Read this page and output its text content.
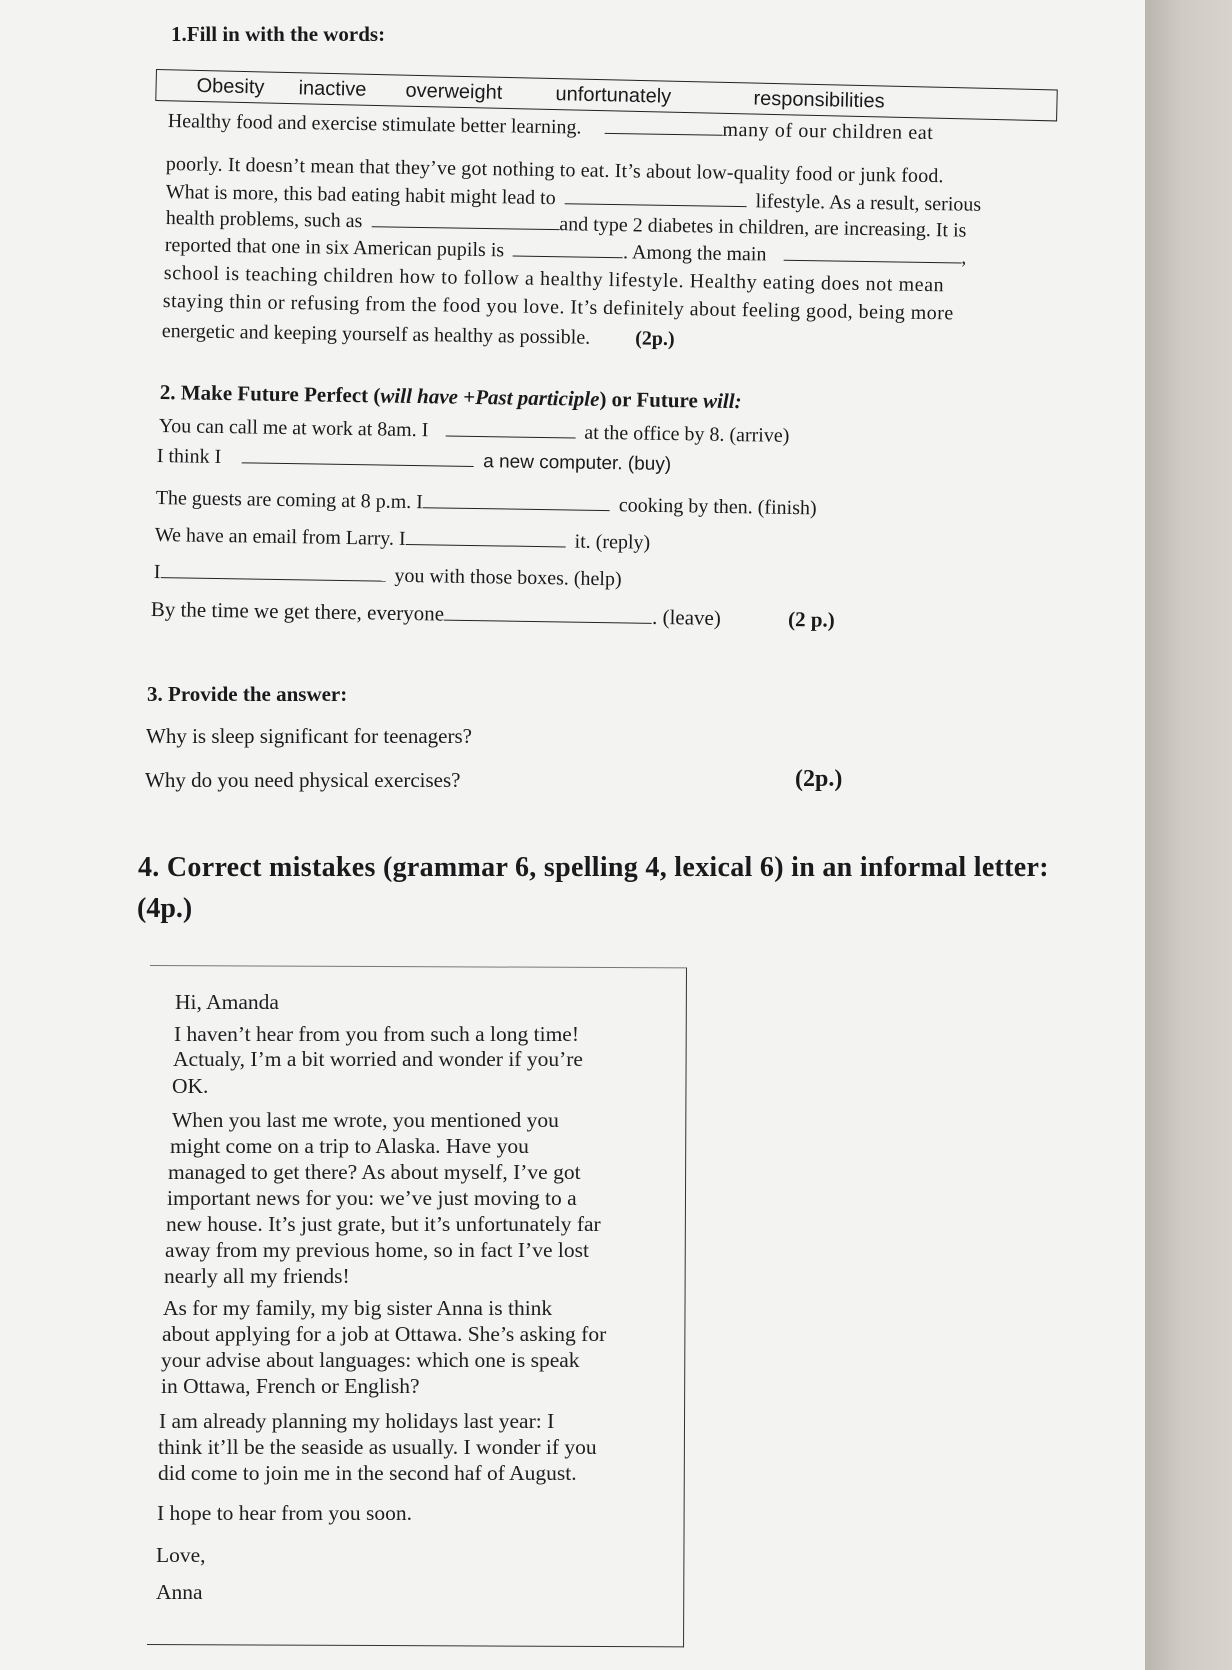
1.Fill in with the words:
Obesity inactive overweight	unfortunately	responsibilities
Healthy food and exercise stimulate better learning.	many of our children eat
poorly. It doesn’t mean that they’ve got nothing to eat. It’s about low-quality food or junk food.
What is more, this bad eating habit might lead to	lifestyle. As a result, serious
health problems, such as	and type 2 diabetes in children, are increasing. It is
reported that one in six American pupils is	. Among the main	,
school is teaching children how to follow a healthy lifestyle. Healthy eating does not mean
staying thin or refusing from the food you love. It’s definitely about feeling good, being more
energetic and keeping yourself as healthy as possible. (2p.)
2. Make Future Perfect (will have +Past participle) or Future will:
You can call me at work at 8am. I	at the office by 8. (arrive)
I think I	a new computer. (buy)
The guests are coming at 8 p.m. I	cooking by then. (finish)
We have an email from Larry. I	it. (reply)
I	you with those boxes. (help)
By the time we get there, everyone	. (leave)	(2 p.)
3. Provide the answer:
Why is sleep significant for teenagers?
Why do you need physical exercises?	(2p.)
4. Correct mistakes (grammar 6, spelling 4, lexical 6) in an informal letter:
(4p.)
Hi, Amanda
I haven’t hear from you from such a long time!
Actualy, I’m a bit worried and wonder if you’re
OK.
When you last me wrote, you mentioned you
might come on a trip to Alaska. Have you
managed to get there? As about myself, I’ve got
important news for you: we’ve just moving to a
new house. It’s just grate, but it’s unfortunately far
away from my previous home, so in fact I’ve lost
nearly all my friends!
As for my family, my big sister Anna is think
about applying for a job at Ottawa. She’s asking for
your advise about languages: which one is speak
in Ottawa, French or English?
I am already planning my holidays last year: I
think it’ll be the seaside as usually. I wonder if you
did come to join me in the second haf of August.
I hope to hear from you soon.
Love,
Anna
